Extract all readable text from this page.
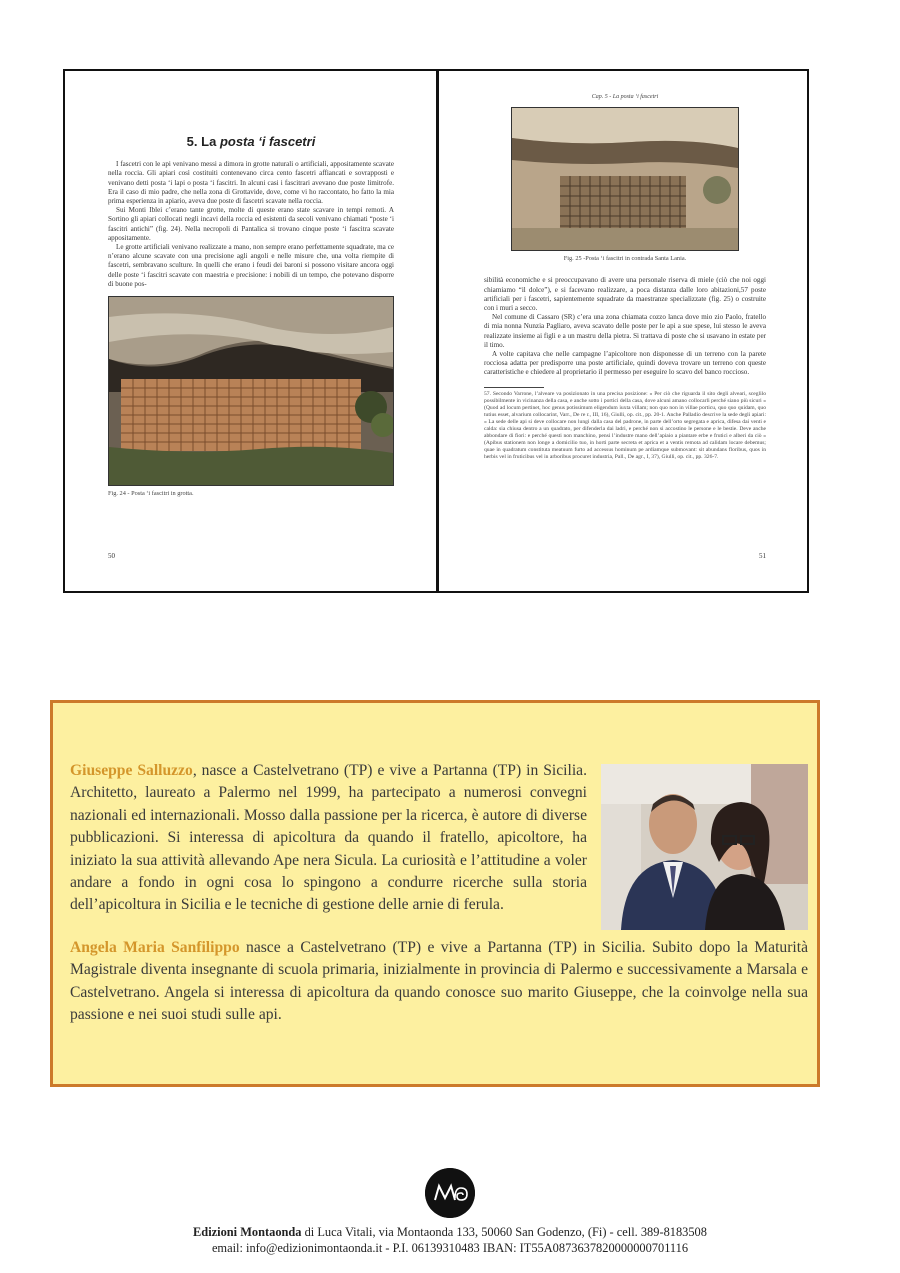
5. La posta ‘i fascetri

I fascetri con le api venivano messi a dimora in grotte naturali o artificiali, appositamente scavate nella roccia. Gli apiari così costituiti contenevano circa cento fascetri affiancati e sovrapposti e venivano detti posta ‘i lapi o posta ‘i fascitri. In alcuni casi i fascitrari avevano due poste limitrofe. Era il caso di mio padre, che nella zona di Grottavide, dove, come vi ho raccontato, ho fatto la mia prima esperienza in apiario, aveva due poste di fascetri scavate nella roccia.

Sui Monti Iblei c’erano tante grotte, molte di queste erano state scavare in tempi remoti. A Sortino gli apiari collocati negli incavi della roccia ed esistenti da secoli venivano chiamati “poste ‘i fascitri antichi” (fig. 24). Nella necropoli di Pantalica si trovano cinque poste ‘i fascitra scavate appositamente.

Le grotte artificiali venivano realizzate a mano, non sempre erano perfettamente squadrate, ma ce n’erano alcune scavate con una precisione agli angoli e nelle misure che, una volta riempite di fascetri, sembravano sculture. In quelli che erano i feudi dei baroni si possono visitare ancora oggi delle poste ‘i fascitri scavate con maestria e precisione: i nobili di un tempo, che potevano disporre di buone pos-

Fig. 24 - Posta ‘i fascitri in grotta.

50
Cap. 5 - La posta ‘i fascetri

Fig. 25 -Posta ‘i fascitri in contrada Santa Lania.

sibilità economiche e si preoccupavano di avere una personale riserva di miele (ciò che noi oggi chiamiamo “il dolce”), e si facevano realizzare, a poca distanza dalle loro abitazioni,57 poste artificiali per i fascetri, sapientemente squadrate da maestranze specializzate (fig. 25) o costruite con i muri a secco.

Nel comune di Cassaro (SR) c’era una zona chiamata cozzo lanca dove mio zio Paolo, fratello di mia nonna Nunzia Pagliaro, aveva scavato delle poste per le api a sue spese, lui stesso le aveva realizzate insieme ai figli e a un mastru della pietra. Si trattava di poste che si usavano in estate per il timo.

A volte capitava che nelle campagne l’apicoltore non disponesse di un terreno con la parete rocciosa adatta per predisporre una poste artificiale, quindi doveva trovare un terreno con queste caratteristiche e chiedere al proprietario il permesso per eseguire lo scavo del banco roccioso.

57. Secondo Varrone, l’alveare va posizionato in una precisa posizione: « Per ciò che riguarda il sito degli alveari, sceglilo possibilmente in vicinanza della casa, e anche sotto i portici della casa, dove alcuni amano collocarli perché siano più sicuri » (Quod ad locum pertinet, hoc genus potissimum eligendum iuxta villam; non quo non in villae porticu, quo quo quidam, quo tutius esset, alvarium collocarint, Varr., De re r., III, 16), Giulli, op. cit., pp. 20-1. Anche Palladio descrive la sede degli apiari: « La sede delle api si deve collocare non lungi dalla casa del padrone, in parte dell’orto segregata e aprica, difesa dai venti e calda: sia chiusa dentro a un quadrato, per difenderla dai ladri, e perché non si accostino le persone e le bestie. Deve anche abbondare di fiori: e perché questi non manchino, pensi l’industre mano dell’apiaio a piantare erbe e frutici e alberi da ciò » (Apibus stationem non longe a domicilio tuo, in horti parte secreta et aprica et a ventis remota ad calidam locare debemus; quae in quadratum constituta meatuum furto ad accessus hominum pe ardiamque submovant: sit abundans floribus, quos in herbis vel in fruticibus vel in arboribus procuret industria, Pall., De agr., I, 37), Giulli, op. cit., pp. 326-7.

51

Giuseppe Salluzzo, nasce a Castelvetrano (TP) e vive a Partanna (TP) in Sicilia. Architetto, laureato a Palermo nel 1999, ha partecipato a numerosi convegni nazionali ed internazionali. Mosso dalla passione per la ricerca, è autore di diverse pubblicazioni. Si interessa di apicoltura da quando il fratello, apicoltore, ha iniziato la sua attività allevando Ape nera Sicula. La curiosità e l’attitudine a voler andare a fondo in ogni cosa lo spingono a condurre ricerche sulla storia dell’apicoltura in Sicilia e le tecniche di gestione delle arnie di ferula.

Angela Maria Sanfilippo nasce a Castelvetrano (TP) e vive a Partanna (TP) in Sicilia. Subito dopo la Maturità Magistrale diventa insegnante di scuola primaria, inizialmente in provincia di Palermo e successivamente a Marsala e Castelvetrano. Angela si interessa di apicoltura da quando conosce suo marito Giuseppe, che la coinvolge nella sua passione e nei suoi studi sulle api.

Edizioni Montaonda di Luca Vitali, via Montaonda 133, 50060 San Godenzo, (Fi) - cell. 389-8183508

email: info@edizionimontaonda.it - P.I. 06139310483 IBAN: IT55A0873637820000000701116
